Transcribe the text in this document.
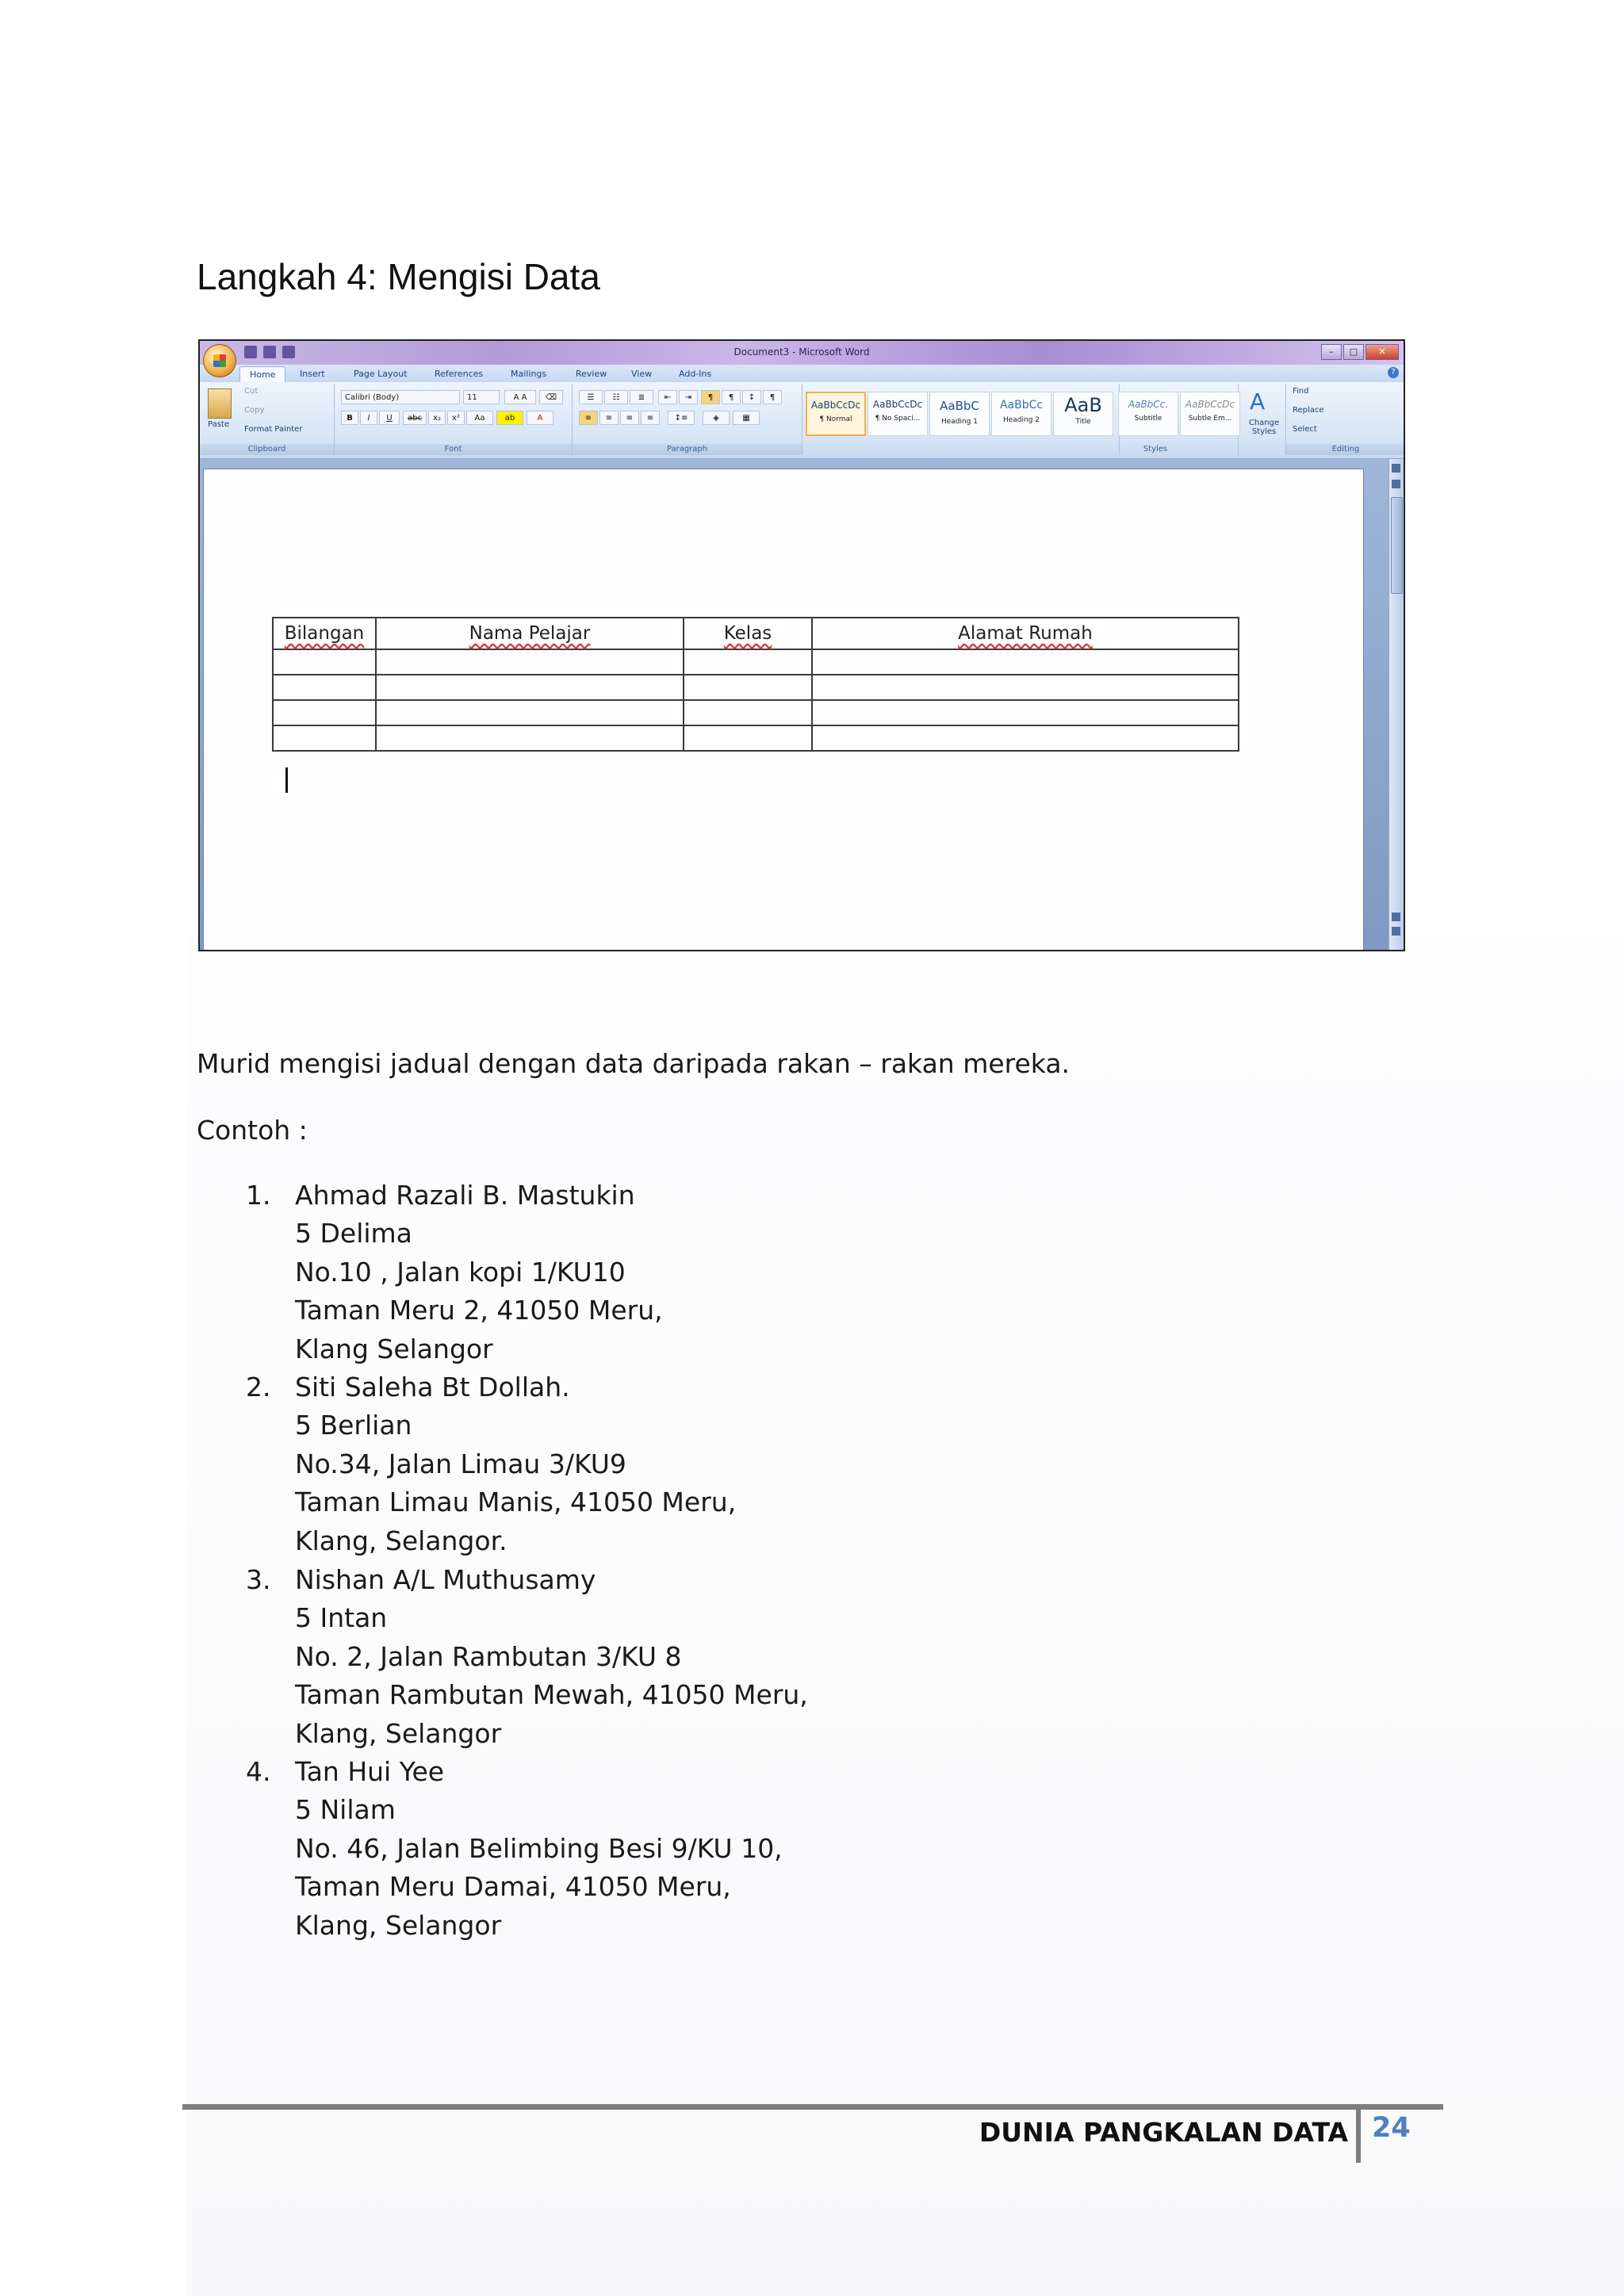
Langkah 4: Mengisi Data
Document3 - Microsoft Word	–	□	✕
Home	Insert	Page Layout	References	Mailings	Review	View	Add-Ins	?
Paste
Cut
Copy
Format Painter
Clipboard
Calibri (Body)	11	A A	⌫
B	I	U	abc	x₂	x²	Aa	ab	A
Font
☰	☷	≣	⇤	⇥	¶	¶	↕	¶
≡	≡	≡	≡	↕≡	◈	▦
Paragraph
AaBbCcDc
¶ Normal
AaBbCcDc
¶ No Spaci...
AaBbC
Heading 1
AaBbCc
Heading 2
AaB
Title
AaBbCc.
Subtitle
AaBbCcDc
Subtle Em...
Styles
A
Change Styles
Find
Replace
Select
Editing
Bilangan	Nama Pelajar	Kelas	Alamat Rumah

Murid mengisi jadual dengan data daripada rakan – rakan mereka.
Contoh :
1. Ahmad Razali B. Mastukin
5 Delima
No.10 , Jalan kopi 1/KU10
Taman Meru 2, 41050 Meru,
Klang Selangor
2. Siti Saleha Bt Dollah.
5 Berlian
No.34, Jalan Limau 3/KU9
Taman Limau Manis, 41050 Meru,
Klang, Selangor.
3. Nishan A/L Muthusamy
5 Intan
No. 2, Jalan Rambutan 3/KU 8
Taman Rambutan Mewah, 41050 Meru,
Klang, Selangor
4. Tan Hui Yee
5 Nilam
No. 46, Jalan Belimbing Besi 9/KU 10,
Taman Meru Damai, 41050 Meru,
Klang, Selangor
DUNIA PANGKALAN DATA 24
